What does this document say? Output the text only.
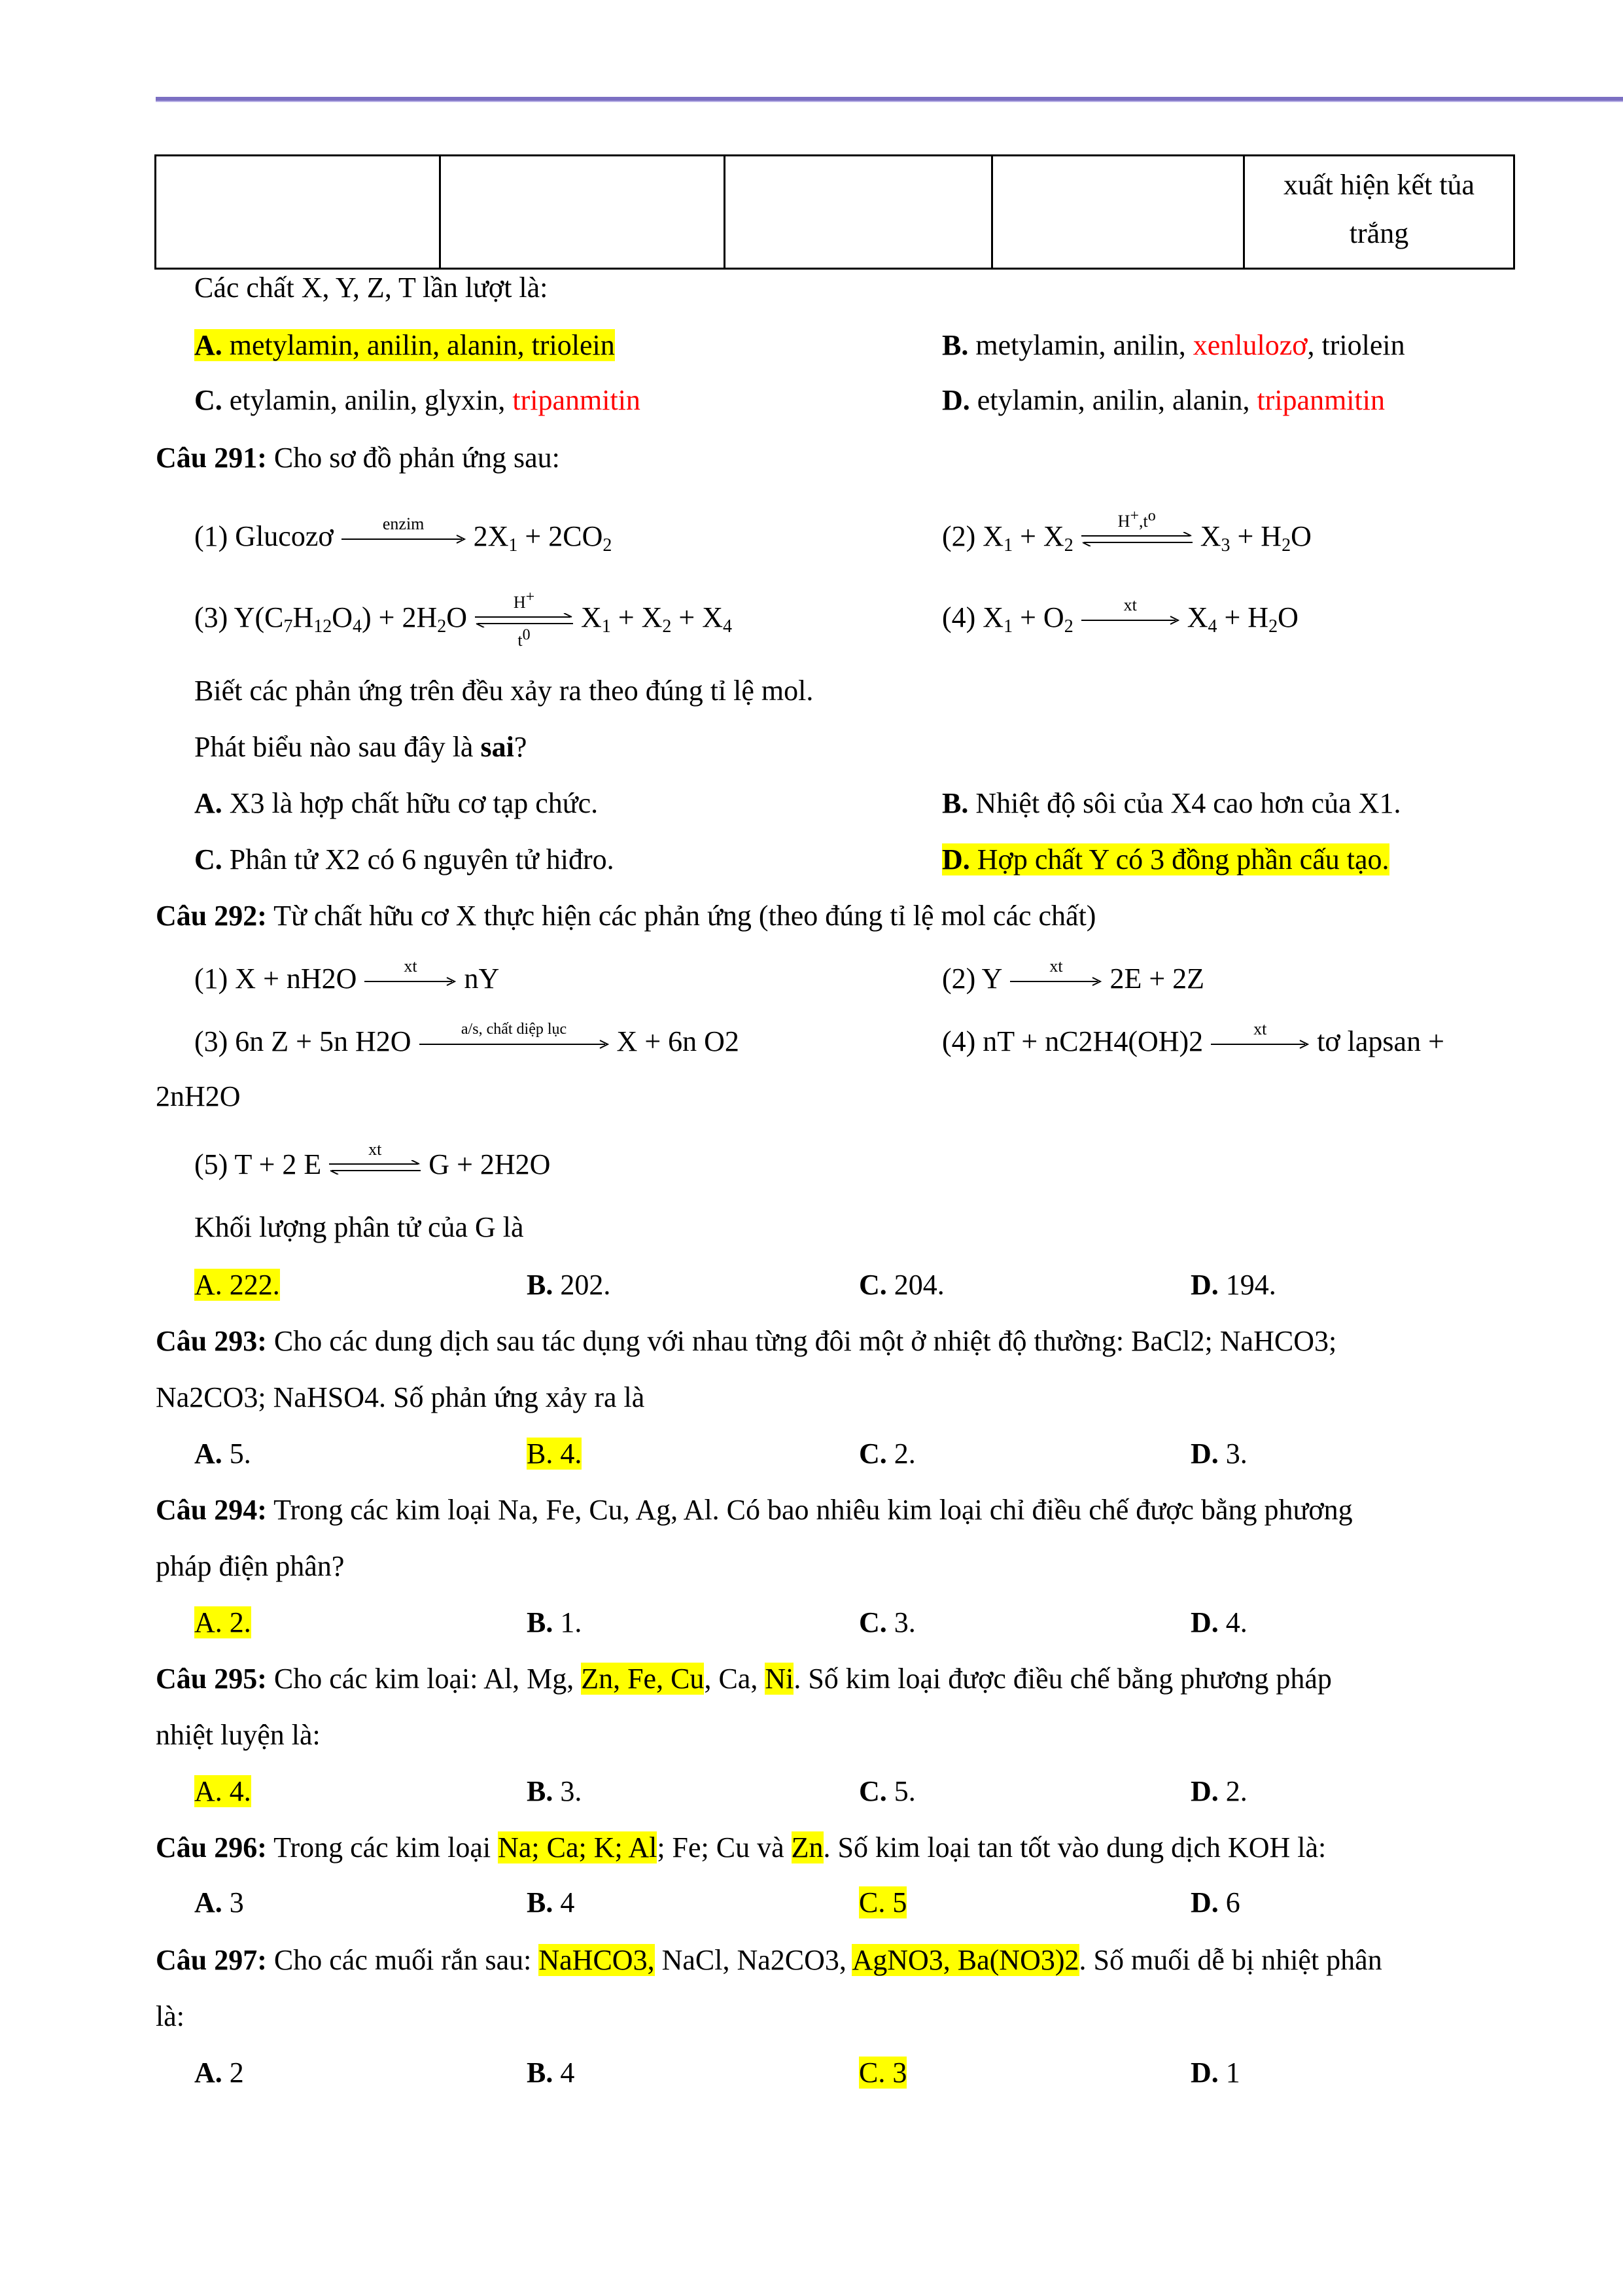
xuất hiện kết tủa
trắng
Các chất X, Y, Z, T lần lượt là:
A. metylamin, anilin, alanin, triolein	B. metylamin, anilin, xenlulozơ, triolein
C. etylamin, anilin, glyxin, tripanmitin	D. etylamin, anilin, alanin, tripanmitin
Câu 291: Cho sơ đồ phản ứng sau:
(1) Glucozơ	enzim	$2X_1 + 2CO_2$	(2) $X_1 + X_2$
$H^+,t^o$
$X_3 + H_2O$
(3) $Y(C_7H_{12}O_4) + 2H_2O$	H+
$t^0$
$X_1 + X_2 + X_4$	(4) $X_1 + O_2$
xt	$X_4 + H_2O$
Biết các phản ứng trên đều xảy ra theo đúng tỉ lệ mol.
Phát biểu nào sau đây là sai?
A. X3 là hợp chất hữu cơ tạp chức.	B. Nhiệt độ sôi của X4 cao hơn của X1.
C. Phân tử X2 có 6 nguyên tử hiđro.	D. Hợp chất Y có 3 đồng phần cấu tạo.
Câu 292: Từ chất hữu cơ X thực hiện các phản ứng (theo đúng tỉ lệ mol các chất)
(1) X + nH2O	xt	nY	(2) Y	xt	2E + 2Z
(3) 6n Z + 5n H2O	a/s, chất diệp lục	X + 6n O2	(4) nT + nC2H4(OH)2	xt	tơ lapsan +
2nH2O
(5) T + 2 E	xt	G + 2H2O
Khối lượng phân tử của G là
A. 222.	B. 202.	C. 204.	D. 194.
Câu 293: Cho các dung dịch sau tác dụng với nhau từng đôi một ở nhiệt độ thường: BaCl2; NaHCO3;
Na2CO3; NaHSO4. Số phản ứng xảy ra là
A. 5.	B. 4.	C. 2.	D. 3.
Câu 294: Trong các kim loại Na, Fe, Cu, Ag, Al. Có bao nhiêu kim loại chỉ điều chế được bằng phương
pháp điện phân?
A. 2.	B. 1.	C. 3.	D. 4.
Câu 295: Cho các kim loại: Al, Mg, Zn, Fe, Cu, Ca, Ni. Số kim loại được điều chế bằng phương pháp
nhiệt luyện là:
A. 4.	B. 3.	C. 5.	D. 2.
Câu 296: Trong các kim loại Na; Ca; K; Al; Fe; Cu và Zn. Số kim loại tan tốt vào dung dịch KOH là:
A. 3	B. 4	C. 5	D. 6
Câu 297: Cho các muối rắn sau: NaHCO3, NaCl, Na2CO3, AgNO3, Ba(NO3)2. Số muối dễ bị nhiệt phân
là:
A. 2	B. 4	C. 3	D. 1
